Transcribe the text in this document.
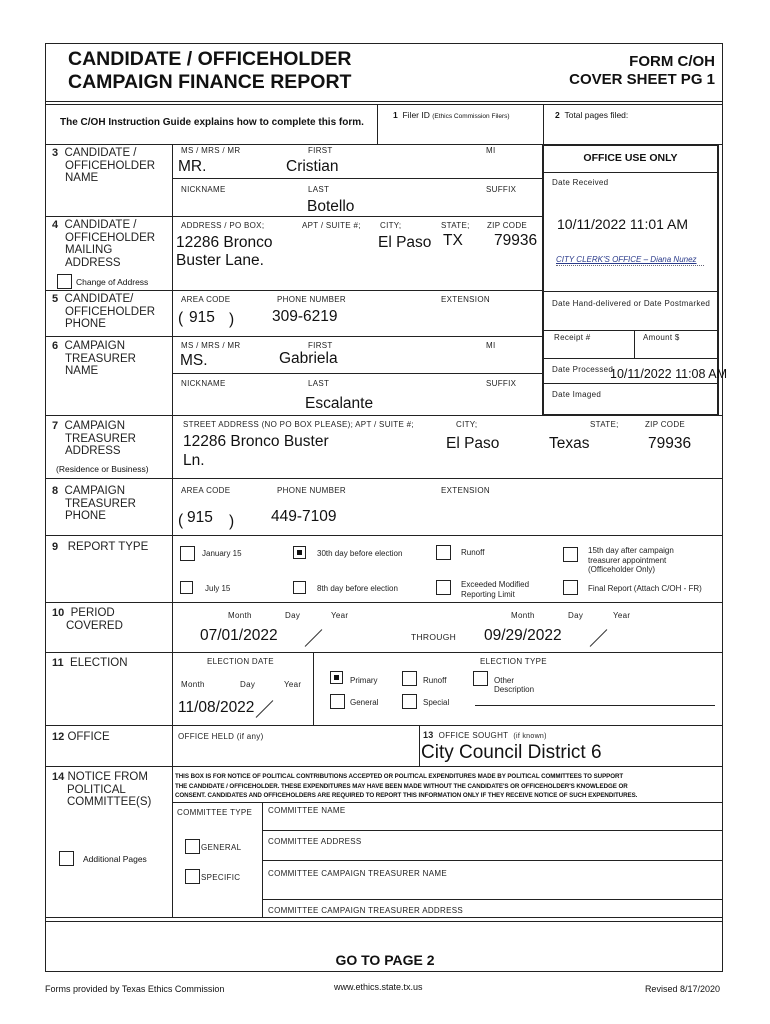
CANDIDATE / OFFICEHOLDER
CAMPAIGN FINANCE REPORT
FORM C/OH
COVER SHEET PG 1
The C/OH Instruction Guide explains how to complete this form.
1 Filer ID (Ethics Commission Filers)	2 Total pages filed:
OFFICE USE ONLY
Date Received
10/11/2022 11:01 AM
CITY CLERK'S OFFICE – Diana Nunez
Date Hand-delivered or Date Postmarked
Receipt #	Amount $
Date Processed
10/11/2022 11:08 AM
Date Imaged
3 CANDIDATE /
OFFICEHOLDER
NAME
MS / MRS / MR	FIRST	MI
MR.	Cristian
NICKNAME	LAST	SUFFIX
Botello
4 CANDIDATE /
OFFICEHOLDER
MAILING
ADDRESS
ADDRESS / PO BOX;	APT / SUITE #; CITY;	STATE; ZIP CODE
12286 Bronco
Buster Lane.
El Paso TX 79936
Change of Address
5 CANDIDATE/
OFFICEHOLDER
PHONE
AREA CODE	PHONE NUMBER	EXTENSION
( 915 ) 309-6219
6 CAMPAIGN
TREASURER
NAME
MS / MRS / MR	FIRST	MI
MS.	Gabriela
NICKNAME	LAST	SUFFIX
Escalante
7 CAMPAIGN
TREASURER
ADDRESS
(Residence or Business)
STREET ADDRESS (NO PO BOX PLEASE); APT / SUITE #;	CITY;	STATE;	ZIP CODE
12286 Bronco Buster
Ln.
El Paso	Texas	79936
8 CAMPAIGN
TREASURER
PHONE
AREA CODE	PHONE NUMBER	EXTENSION
( 915 ) 449-7109
9 REPORT TYPE
January 15	30th day before election	Runoff	15th day after campaign
treasurer appointment
(Officeholder Only)
July 15	8th day before election	Exceeded Modified
Reporting Limit
Final Report (Attach C/OH - FR)
10 PERIOD
COVERED
Month	Day	Year
07/01/2022	THROUGH
Month	Day	Year
09/29/2022
11 ELECTION	ELECTION DATE
Month	Day	Year
11/08/2022
ELECTION TYPE
Primary	Runoff	Other
Description
General	Special
12 OFFICE	OFFICE HELD (if any)	13 OFFICE SOUGHT (if known)
City Council District 6
14 NOTICE FROM
POLITICAL
COMMITTEE(S)
THIS BOX IS FOR NOTICE OF POLITICAL CONTRIBUTIONS ACCEPTED OR POLITICAL EXPENDITURES MADE BY POLITICAL COMMITTEES TO SUPPORT
THE CANDIDATE / OFFICEHOLDER. THESE EXPENDITURES MAY HAVE BEEN MADE WITHOUT THE CANDIDATE'S OR OFFICEHOLDER'S KNOWLEDGE OR
CONSENT. CANDIDATES AND OFFICEHOLDERS ARE REQUIRED TO REPORT THIS INFORMATION ONLY IF THEY RECEIVE NOTICE OF SUCH EXPENDITURES.
COMMITTEE TYPE COMMITTEE NAME
COMMITTEE ADDRESS
GENERAL
COMMITTEE CAMPAIGN TREASURER NAME
SPECIFIC
COMMITTEE CAMPAIGN TREASURER ADDRESS
Additional Pages
GO TO PAGE 2
Forms provided by Texas Ethics Commission	www.ethics.state.tx.us	Revised 8/17/2020
